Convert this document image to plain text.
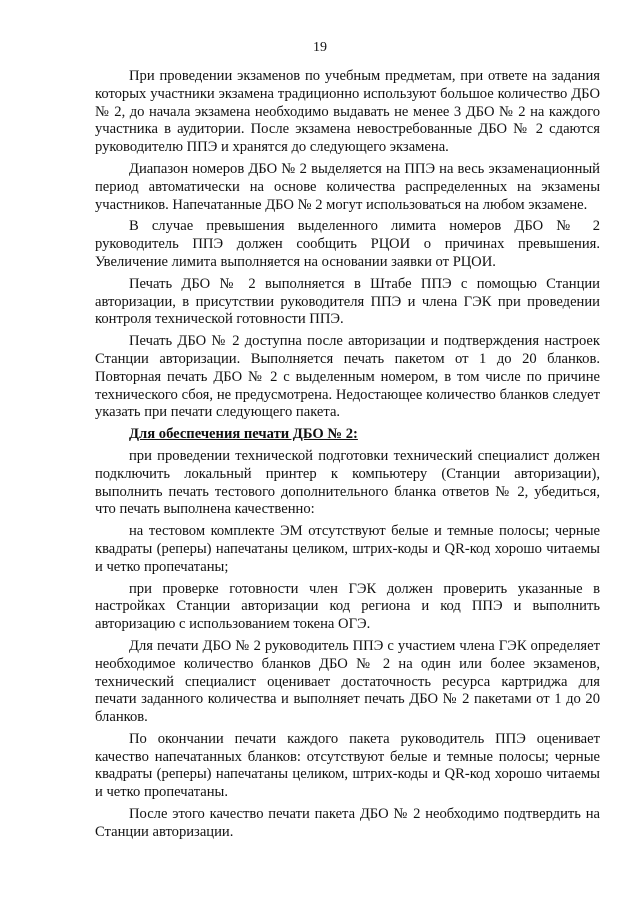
19

При проведении экзаменов по учебным предметам, при ответе на задания которых участники экзамена традиционно используют большое количество ДБО № 2, до начала экзамена необходимо выдавать не менее 3 ДБО № 2 на каждого участника в аудитории. После экзамена невостребованные ДБО № 2 сдаются руководителю ППЭ и хранятся до следующего экзамена.

Диапазон номеров ДБО № 2 выделяется на ППЭ на весь экзаменационный период автоматически на основе количества распределенных на экзамены участников. Напечатанные ДБО № 2 могут использоваться на любом экзамене.

В случае превышения выделенного лимита номеров ДБО № 2 руководитель ППЭ должен сообщить РЦОИ о причинах превышения. Увеличение лимита выполняется на основании заявки от РЦОИ.

Печать ДБО № 2 выполняется в Штабе ППЭ с помощью Станции авторизации, в присутствии руководителя ППЭ и члена ГЭК при проведении контроля технической готовности ППЭ.

Печать ДБО № 2 доступна после авторизации и подтверждения настроек Станции авторизации. Выполняется печать пакетом от 1 до 20 бланков. Повторная печать ДБО № 2 с выделенным номером, в том числе по причине технического сбоя, не предусмотрена. Недостающее количество бланков следует указать при печати следующего пакета.

Для обеспечения печати ДБО № 2:

при проведении технической подготовки технический специалист должен подключить локальный принтер к компьютеру (Станции авторизации), выполнить печать тестового дополнительного бланка ответов № 2, убедиться, что печать выполнена качественно:

на тестовом комплекте ЭМ отсутствуют белые и темные полосы; черные квадраты (реперы) напечатаны целиком, штрих-коды и QR-код хорошо читаемы и четко пропечатаны;

при проверке готовности член ГЭК должен проверить указанные в настройках Станции авторизации код региона и код ППЭ и выполнить авторизацию с использованием токена ОГЭ.

Для печати ДБО № 2 руководитель ППЭ с участием члена ГЭК определяет необходимое количество бланков ДБО № 2 на один или более экзаменов, технический специалист оценивает достаточность ресурса картриджа для печати заданного количества и выполняет печать ДБО № 2 пакетами от 1 до 20 бланков.

По окончании печати каждого пакета руководитель ППЭ оценивает качество напечатанных бланков: отсутствуют белые и темные полосы; черные квадраты (реперы) напечатаны целиком, штрих-коды и QR-код хорошо читаемы и четко пропечатаны.

После этого качество печати пакета ДБО № 2 необходимо подтвердить на Станции авторизации.
